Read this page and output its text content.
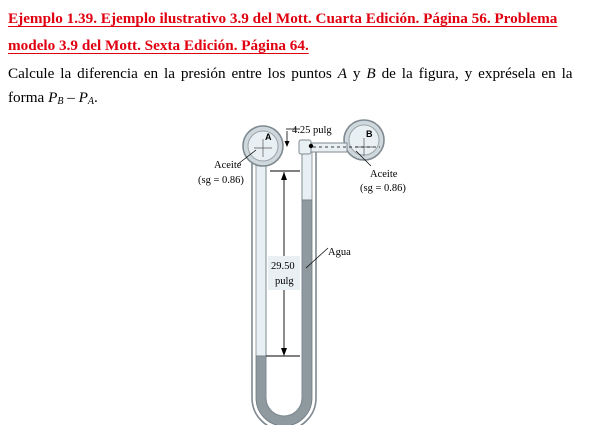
Ejemplo 1.39. Ejemplo ilustrativo 3.9 del Mott. Cuarta Edición. Página 56. Problema
modelo 3.9 del Mott. Sexta Edición. Página 64.

Calcule la diferencia en la presión entre los puntos A y B de la figura, y exprésela en la
forma $P_B - P_A$.

A	B
4.25 pulg
29.50
pulg
Aceite
(sg = 0.86)
Aceite
(sg = 0.86)
Agua
